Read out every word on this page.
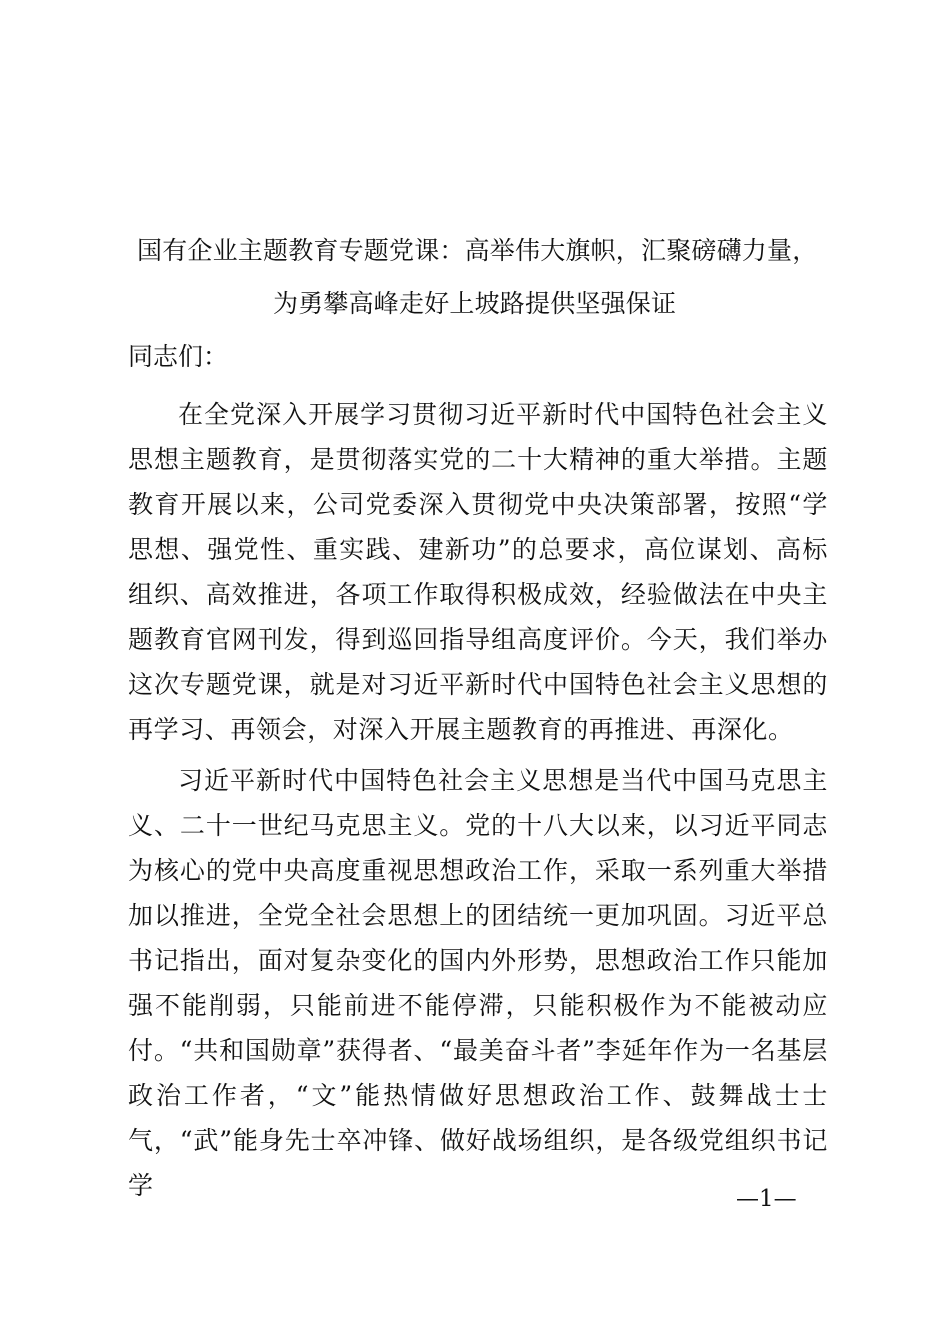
国有企业主题教育专题党课：高举伟大旗帜，汇聚磅礴力量，
为勇攀高峰走好上坡路提供坚强保证
同志们：

在全党深入开展学习贯彻习近平新时代中国特色社会主义思想主题教育，是贯彻落实党的二十大精神的重大举措。主题教育开展以来，公司党委深入贯彻党中央决策部署，按照“学思想、强党性、重实践、建新功”的总要求，高位谋划、高标组织、高效推进，各项工作取得积极成效，经验做法在中央主题教育官网刊发，得到巡回指导组高度评价。今天，我们举办这次专题党课，就是对习近平新时代中国特色社会主义思想的再学习、再领会，对深入开展主题教育的再推进、再深化。

习近平新时代中国特色社会主义思想是当代中国马克思主义、二十一世纪马克思主义。党的十八大以来，以习近平同志为核心的党中央高度重视思想政治工作，采取一系列重大举措加以推进，全党全社会思想上的团结统一更加巩固。习近平总书记指出，面对复杂变化的国内外形势，思想政治工作只能加强不能削弱，只能前进不能停滞，只能积极作为不能被动应付。“共和国勋章”获得者、“最美奋斗者”李延年作为一名基层政治工作者，“文”能热情做好思想政治工作、鼓舞战士士气，“武”能身先士卒冲锋、做好战场组织，是各级党组织书记学	—1—
